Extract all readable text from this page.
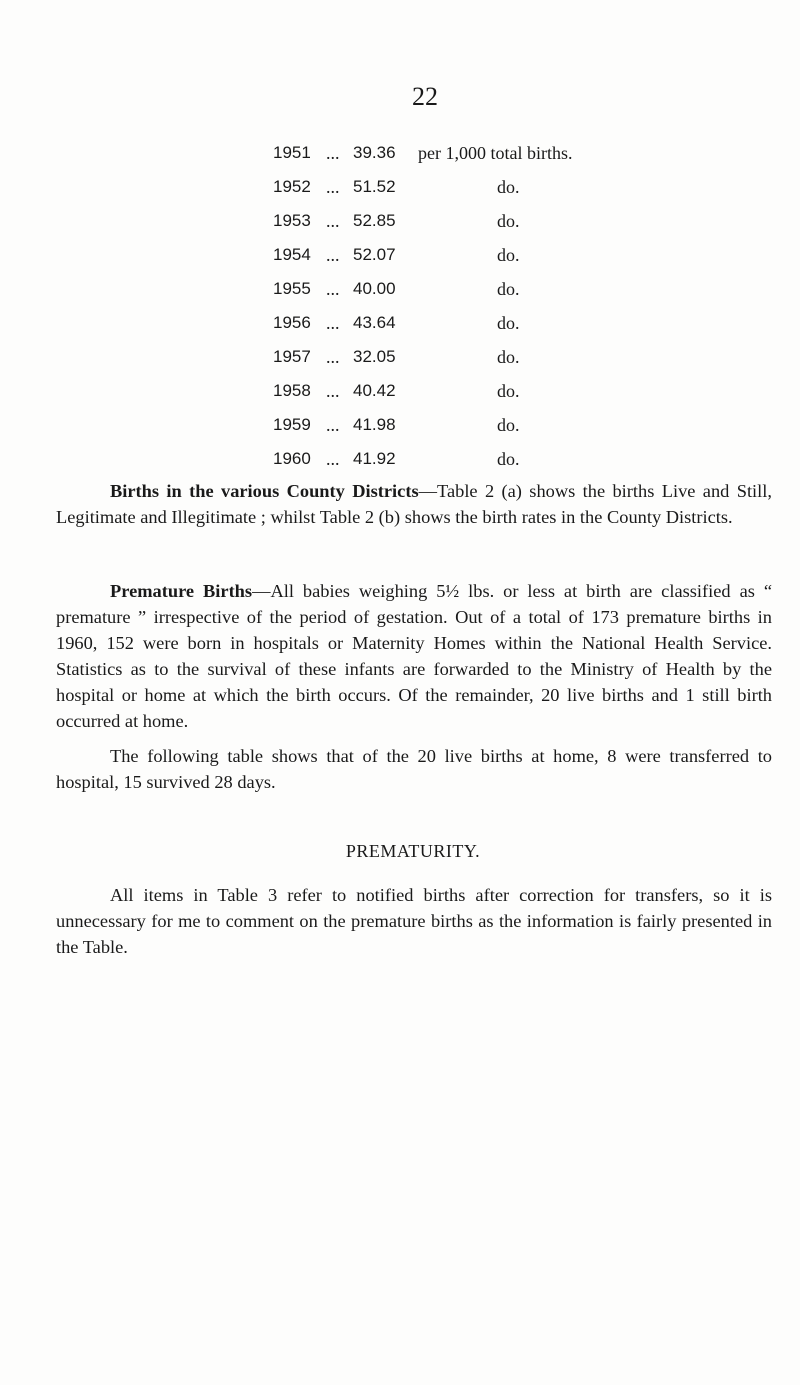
22
1951 ... 39.36 per 1,000 total births.
1952 ... 51.52	do.
1953 ... 52.85	do.
1954 ... 52.07	do.
1955 ... 40.00	do.
1956 ... 43.64	do.
1957 ... 32.05	do.
1958 ... 40.42	do.
1959 ... 41.98	do.
1960 ... 41.92	do.

Births in the various County Districts—Table 2 (a) shows the births Live and Still, Legitimate and Illegitimate ; whilst Table 2 (b) shows the birth rates in the County Districts.

Premature Births—All babies weighing 5½ lbs. or less at birth are classified as “ premature ” irrespective of the period of gestation. Out of a total of 173 premature births in 1960, 152 were born in hospitals or Maternity Homes within the National Health Service. Statistics as to the survival of these infants are forwarded to the Ministry of Health by the hospital or home at which the birth occurs. Of the remainder, 20 live births and 1 still birth occurred at home.

The following table shows that of the 20 live births at home, 8 were transferred to hospital, 15 survived 28 days.

PREMATURITY.

All items in Table 3 refer to notified births after correction for transfers, so it is unnecessary for me to comment on the premature births as the information is fairly presented in the Table.
